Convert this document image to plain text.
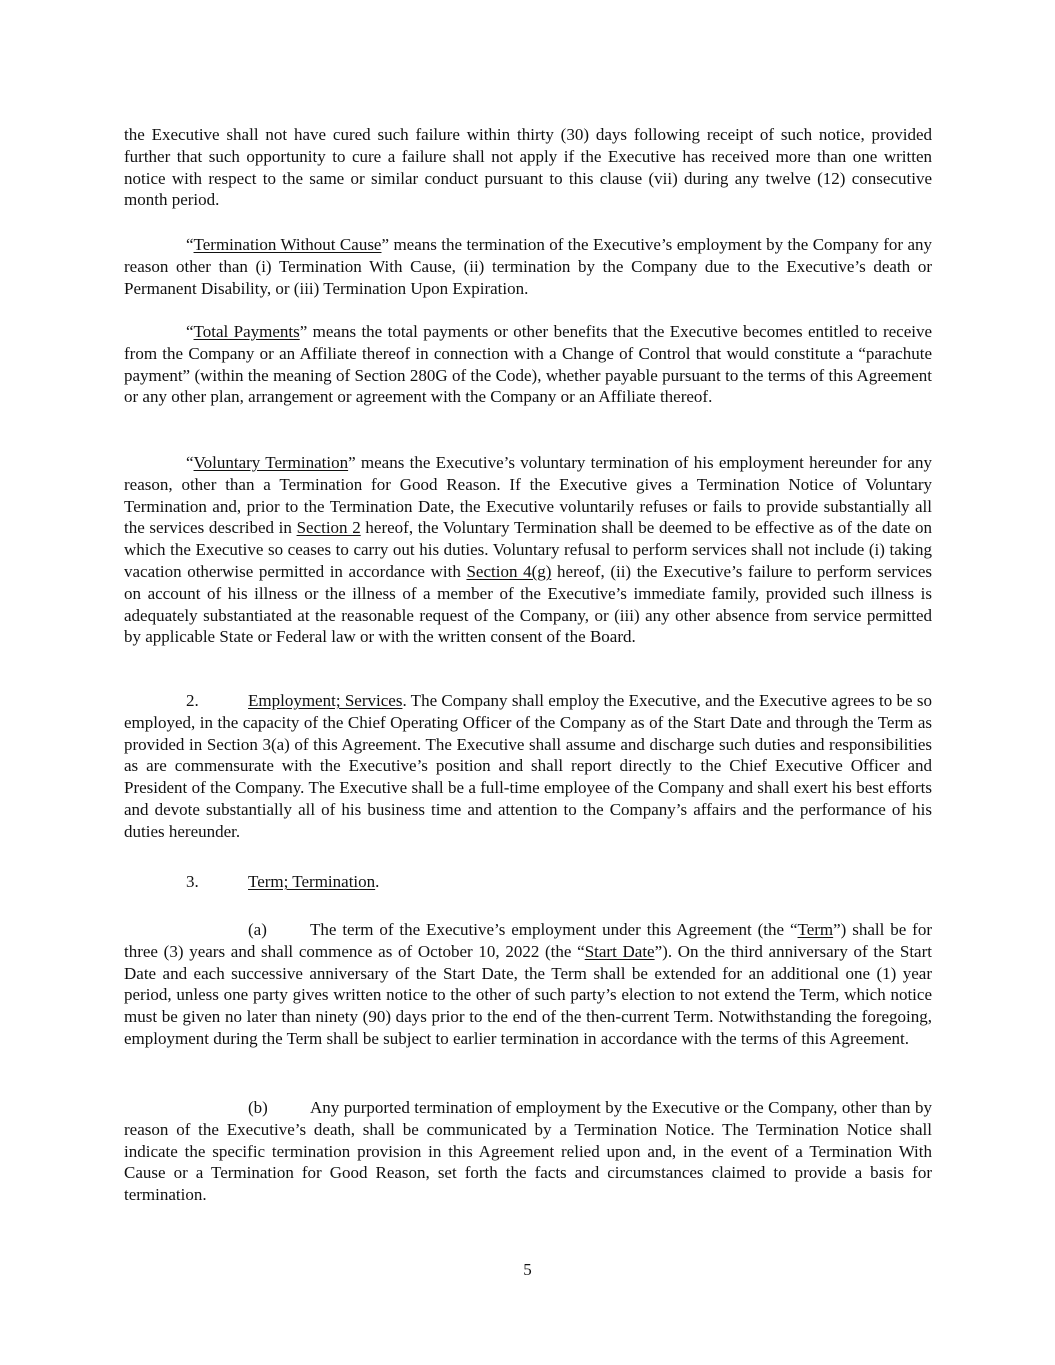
the Executive shall not have cured such failure within thirty (30) days following receipt of such notice, provided further that such opportunity to cure a failure shall not apply if the Executive has received more than one written notice with respect to the same or similar conduct pursuant to this clause (vii) during any twelve (12) consecutive month period.

“Termination Without Cause” means the termination of the Executive’s employment by the Company for any reason other than (i) Termination With Cause, (ii) termination by the Company due to the Executive’s death or Permanent Disability, or (iii) Termination Upon Expiration.

“Total Payments” means the total payments or other benefits that the Executive becomes entitled to receive from the Company or an Affiliate thereof in connection with a Change of Control that would constitute a “parachute payment” (within the meaning of Section 280G of the Code), whether payable pursuant to the terms of this Agreement or any other plan, arrangement or agreement with the Company or an Affiliate thereof.

“Voluntary Termination” means the Executive’s voluntary termination of his employment hereunder for any reason, other than a Termination for Good Reason. If the Executive gives a Termination Notice of Voluntary Termination and, prior to the Termination Date, the Executive voluntarily refuses or fails to provide substantially all the services described in Section 2 hereof, the Voluntary Termination shall be deemed to be effective as of the date on which the Executive so ceases to carry out his duties. Voluntary refusal to perform services shall not include (i) taking vacation otherwise permitted in accordance with Section 4(g) hereof, (ii) the Executive’s failure to perform services on account of his illness or the illness of a member of the Executive’s immediate family, provided such illness is adequately substantiated at the reasonable request of the Company, or (iii) any other absence from service permitted by applicable State or Federal law or with the written consent of the Board.

2.	Employment; Services. The Company shall employ the Executive, and the Executive agrees to be so employed, in the capacity of the Chief Operating Officer of the Company as of the Start Date and through the Term as provided in Section 3(a) of this Agreement. The Executive shall assume and discharge such duties and responsibilities as are commensurate with the Executive’s position and shall report directly to the Chief Executive Officer and President of the Company. The Executive shall be a full-time employee of the Company and shall exert his best efforts and devote substantially all of his business time and attention to the Company’s affairs and the performance of his duties hereunder.

3.	Term; Termination.

(a)	The term of the Executive’s employment under this Agreement (the “Term”) shall be for three (3) years and shall commence as of October 10, 2022 (the “Start Date”). On the third anniversary of the Start Date and each successive anniversary of the Start Date, the Term shall be extended for an additional one (1) year period, unless one party gives written notice to the other of such party’s election to not extend the Term, which notice must be given no later than ninety (90) days prior to the end of the then-current Term. Notwithstanding the foregoing, employment during the Term shall be subject to earlier termination in accordance with the terms of this Agreement.

(b) Any purported termination of employment by the Executive or the Company, other than by reason of the Executive’s death, shall be communicated by a Termination Notice. The Termination Notice shall indicate the specific termination provision in this Agreement relied upon and, in the event of a Termination With Cause or a Termination for Good Reason, set forth the facts and circumstances claimed to provide a basis for termination.

5
